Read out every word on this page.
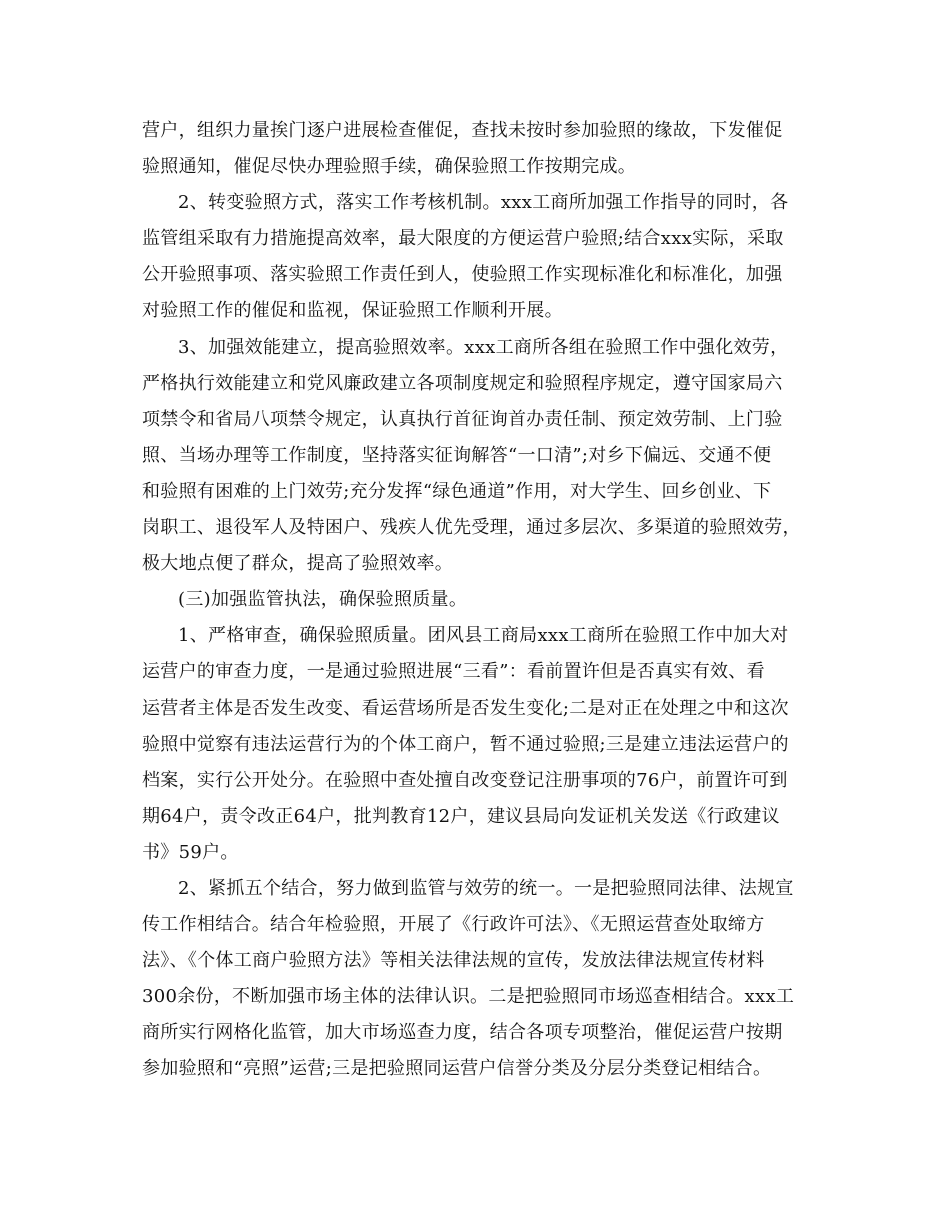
营户，组织力量挨门逐户进展检查催促，查找未按时参加验照的缘故，下发催促
验照通知，催促尽快办理验照手续，确保验照工作按期完成。
2、转变验照方式，落实工作考核机制。xxx工商所加强工作指导的同时，各
监管组采取有力措施提高效率，最大限度的方便运营户验照;结合xxx实际，采取
公开验照事项、落实验照工作责任到人，使验照工作实现标准化和标准化，加强
对验照工作的催促和监视，保证验照工作顺利开展。
3、加强效能建立，提高验照效率。xxx工商所各组在验照工作中强化效劳，
严格执行效能建立和党风廉政建立各项制度规定和验照程序规定，遵守国家局六
项禁令和省局八项禁令规定，认真执行首征询首办责任制、预定效劳制、上门验
照、当场办理等工作制度，坚持落实征询解答“一口清”;对乡下偏远、交通不便
和验照有困难的上门效劳;充分发挥“绿色通道”作用，对大学生、回乡创业、下
岗职工、退役军人及特困户、残疾人优先受理，通过多层次、多渠道的验照效劳，
极大地点便了群众，提高了验照效率。
(三)加强监管执法，确保验照质量。
1、严格审查，确保验照质量。团风县工商局xxx工商所在验照工作中加大对
运营户的审查力度，一是通过验照进展“三看”：看前置许但是否真实有效、看
运营者主体是否发生改变、看运营场所是否发生变化;二是对正在处理之中和这次
验照中觉察有违法运营行为的个体工商户，暂不通过验照;三是建立违法运营户的
档案，实行公开处分。在验照中查处擅自改变登记注册事项的76户，前置许可到
期64户，责令改正64户，批判教育12户，建议县局向发证机关发送《行政建议
书》59户。
2、紧抓五个结合，努力做到监管与效劳的统一。一是把验照同法律、法规宣
传工作相结合。结合年检验照，开展了《行政许可法》、《无照运营查处取缔方
法》、《个体工商户验照方法》等相关法律法规的宣传，发放法律法规宣传材料
300余份，不断加强市场主体的法律认识。二是把验照同市场巡查相结合。xxx工
商所实行网格化监管，加大市场巡查力度，结合各项专项整治，催促运营户按期
参加验照和“亮照”运营;三是把验照同运营户信誉分类及分层分类登记相结合。
